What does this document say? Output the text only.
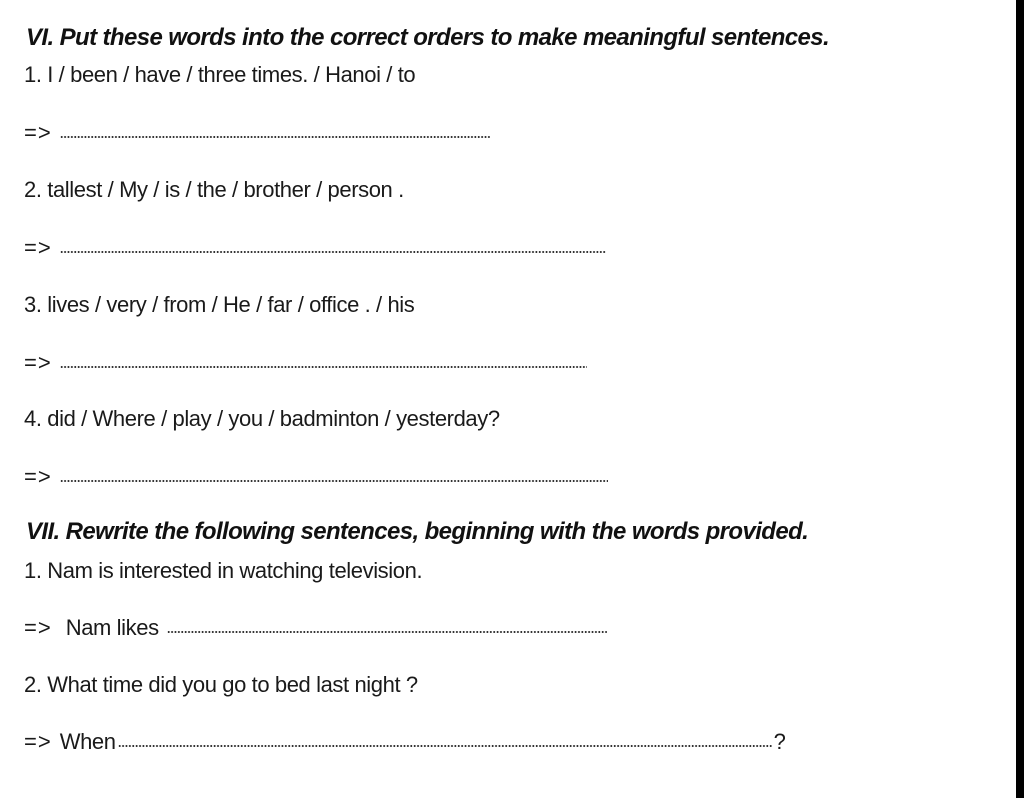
VI. Put these words into the correct orders to make meaningful sentences.
1. I / been / have / three times. / Hanoi / to
=>
2. tallest / My / is / the / brother / person .
=>
3. lives / very / from / He / far / office . / his
=>
4. did / Where / play / you / badminton / yesterday?
=>
VII. Rewrite the following sentences, beginning with the words provided.
1. Nam is interested in watching television.
=> Nam likes
2. What time did you go to bed last night ?
=> When	?
